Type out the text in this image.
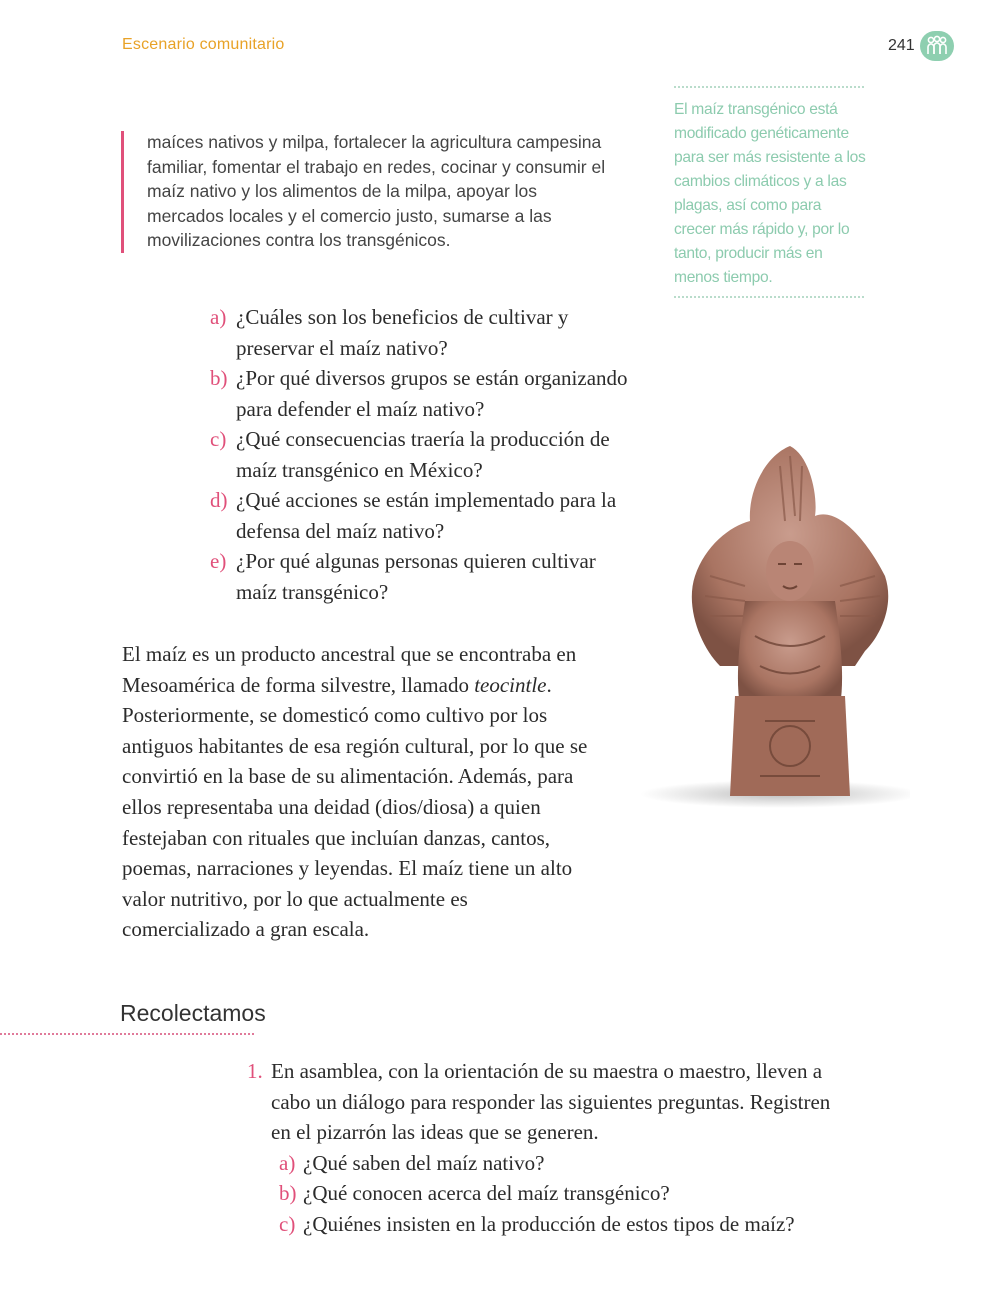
Escenario comunitario	241
maíces nativos y milpa, fortalecer la agricultura campesina familiar, fomentar el trabajo en redes, cocinar y consumir el maíz nativo y los alimentos de la milpa, apoyar los mercados locales y el comercio justo, sumarse a las movilizaciones contra los transgénicos.
El maíz transgénico está modificado genéticamente para ser más resistente a los cambios climáticos y a las plagas, así como para crecer más rápido y, por lo tanto, producir más en menos tiempo.
a) ¿Cuáles son los beneficios de cultivar y preservar el maíz nativo?
b) ¿Por qué diversos grupos se están organizando para defender el maíz nativo?
c) ¿Qué consecuencias traería la producción de maíz transgénico en México?
d) ¿Qué acciones se están implementado para la defensa del maíz nativo?
e) ¿Por qué algunas personas quieren cultivar maíz transgénico?
El maíz es un producto ancestral que se encontraba en Mesoamérica de forma silvestre, llamado teocintle. Posteriormente, se domesticó como cultivo por los antiguos habitantes de esa región cultural, por lo que se convirtió en la base de su alimentación. Además, para ellos representaba una deidad (dios/diosa) a quien festejaban con rituales que incluían danzas, cantos, poemas, narraciones y leyendas. El maíz tiene un alto valor nutritivo, por lo que actualmente es comercializado a gran escala.
Recolectamos
1. En asamblea, con la orientación de su maestra o maestro, lleven a cabo un diálogo para responder las siguientes preguntas. Registren en el pizarrón las ideas que se generen.
a) ¿Qué saben del maíz nativo?
b) ¿Qué conocen acerca del maíz transgénico?
c) ¿Quiénes insisten en la producción de estos tipos de maíz?
